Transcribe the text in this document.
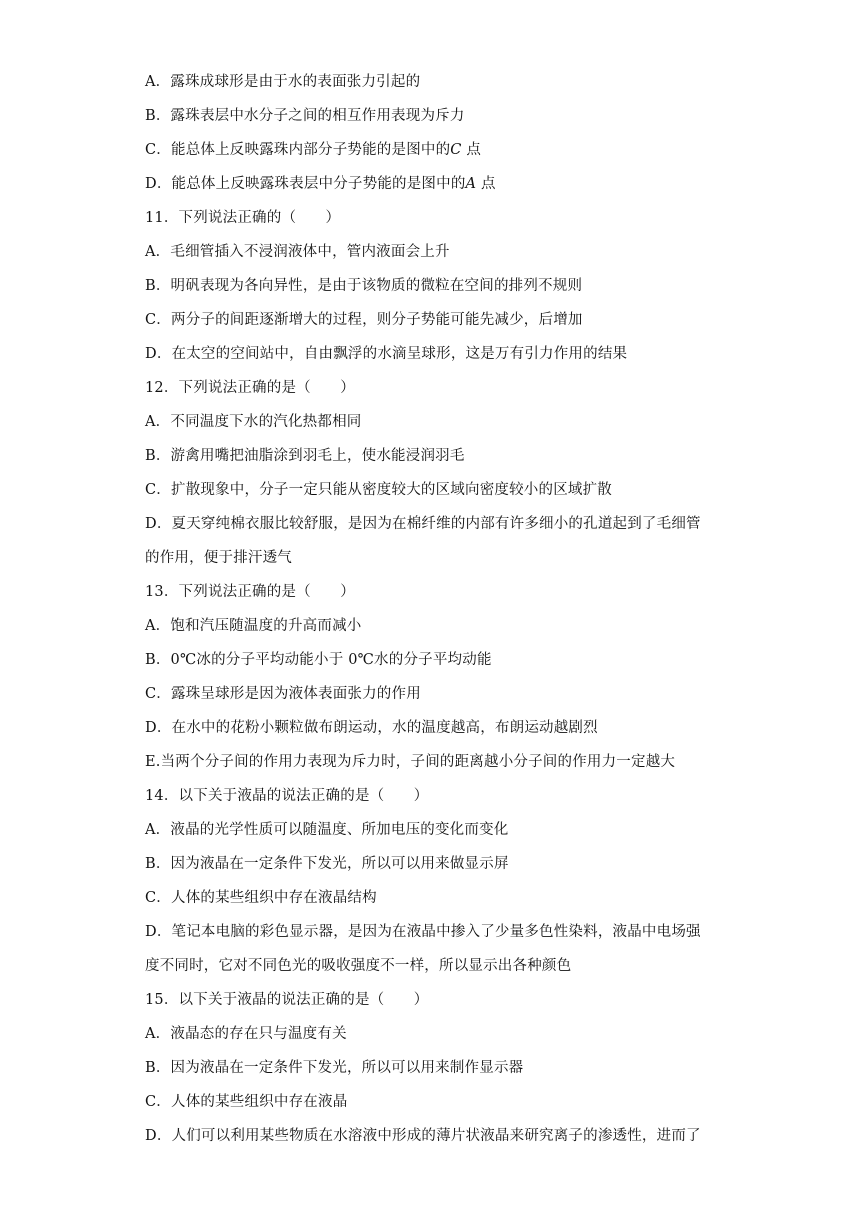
A．露珠成球形是由于水的表面张力引起的
B．露珠表层中水分子之间的相互作用表现为斥力
C．能总体上反映露珠内部分子势能的是图中的C 点
D．能总体上反映露珠表层中分子势能的是图中的A 点
11．下列说法正确的（　　）
A．毛细管插入不浸润液体中，管内液面会上升
B．明矾表现为各向异性，是由于该物质的微粒在空间的排列不规则
C．两分子的间距逐渐增大的过程，则分子势能可能先减少，后增加
D．在太空的空间站中，自由飘浮的水滴呈球形，这是万有引力作用的结果
12．下列说法正确的是（　　）
A．不同温度下水的汽化热都相同
B．游禽用嘴把油脂涂到羽毛上，使水能浸润羽毛
C．扩散现象中，分子一定只能从密度较大的区域向密度较小的区域扩散
D．夏天穿纯棉衣服比较舒服，是因为在棉纤维的内部有许多细小的孔道起到了毛细管
的作用，便于排汗透气
13．下列说法正确的是（　　）
A．饱和汽压随温度的升高而减小
B．0℃冰的分子平均动能小于 0℃水的分子平均动能
C．露珠呈球形是因为液体表面张力的作用
D．在水中的花粉小颗粒做布朗运动，水的温度越高，布朗运动越剧烈
E.当两个分子间的作用力表现为斥力时，子间的距离越小分子间的作用力一定越大
14．以下关于液晶的说法正确的是（　　）
A．液晶的光学性质可以随温度、所加电压的变化而变化
B．因为液晶在一定条件下发光，所以可以用来做显示屏
C．人体的某些组织中存在液晶结构
D．笔记本电脑的彩色显示器，是因为在液晶中掺入了少量多色性染料，液晶中电场强
度不同时，它对不同色光的吸收强度不一样，所以显示出各种颜色
15．以下关于液晶的说法正确的是（　　）
A．液晶态的存在只与温度有关
B．因为液晶在一定条件下发光，所以可以用来制作显示器
C．人体的某些组织中存在液晶
D．人们可以利用某些物质在水溶液中形成的薄片状液晶来研究离子的渗透性，进而了
